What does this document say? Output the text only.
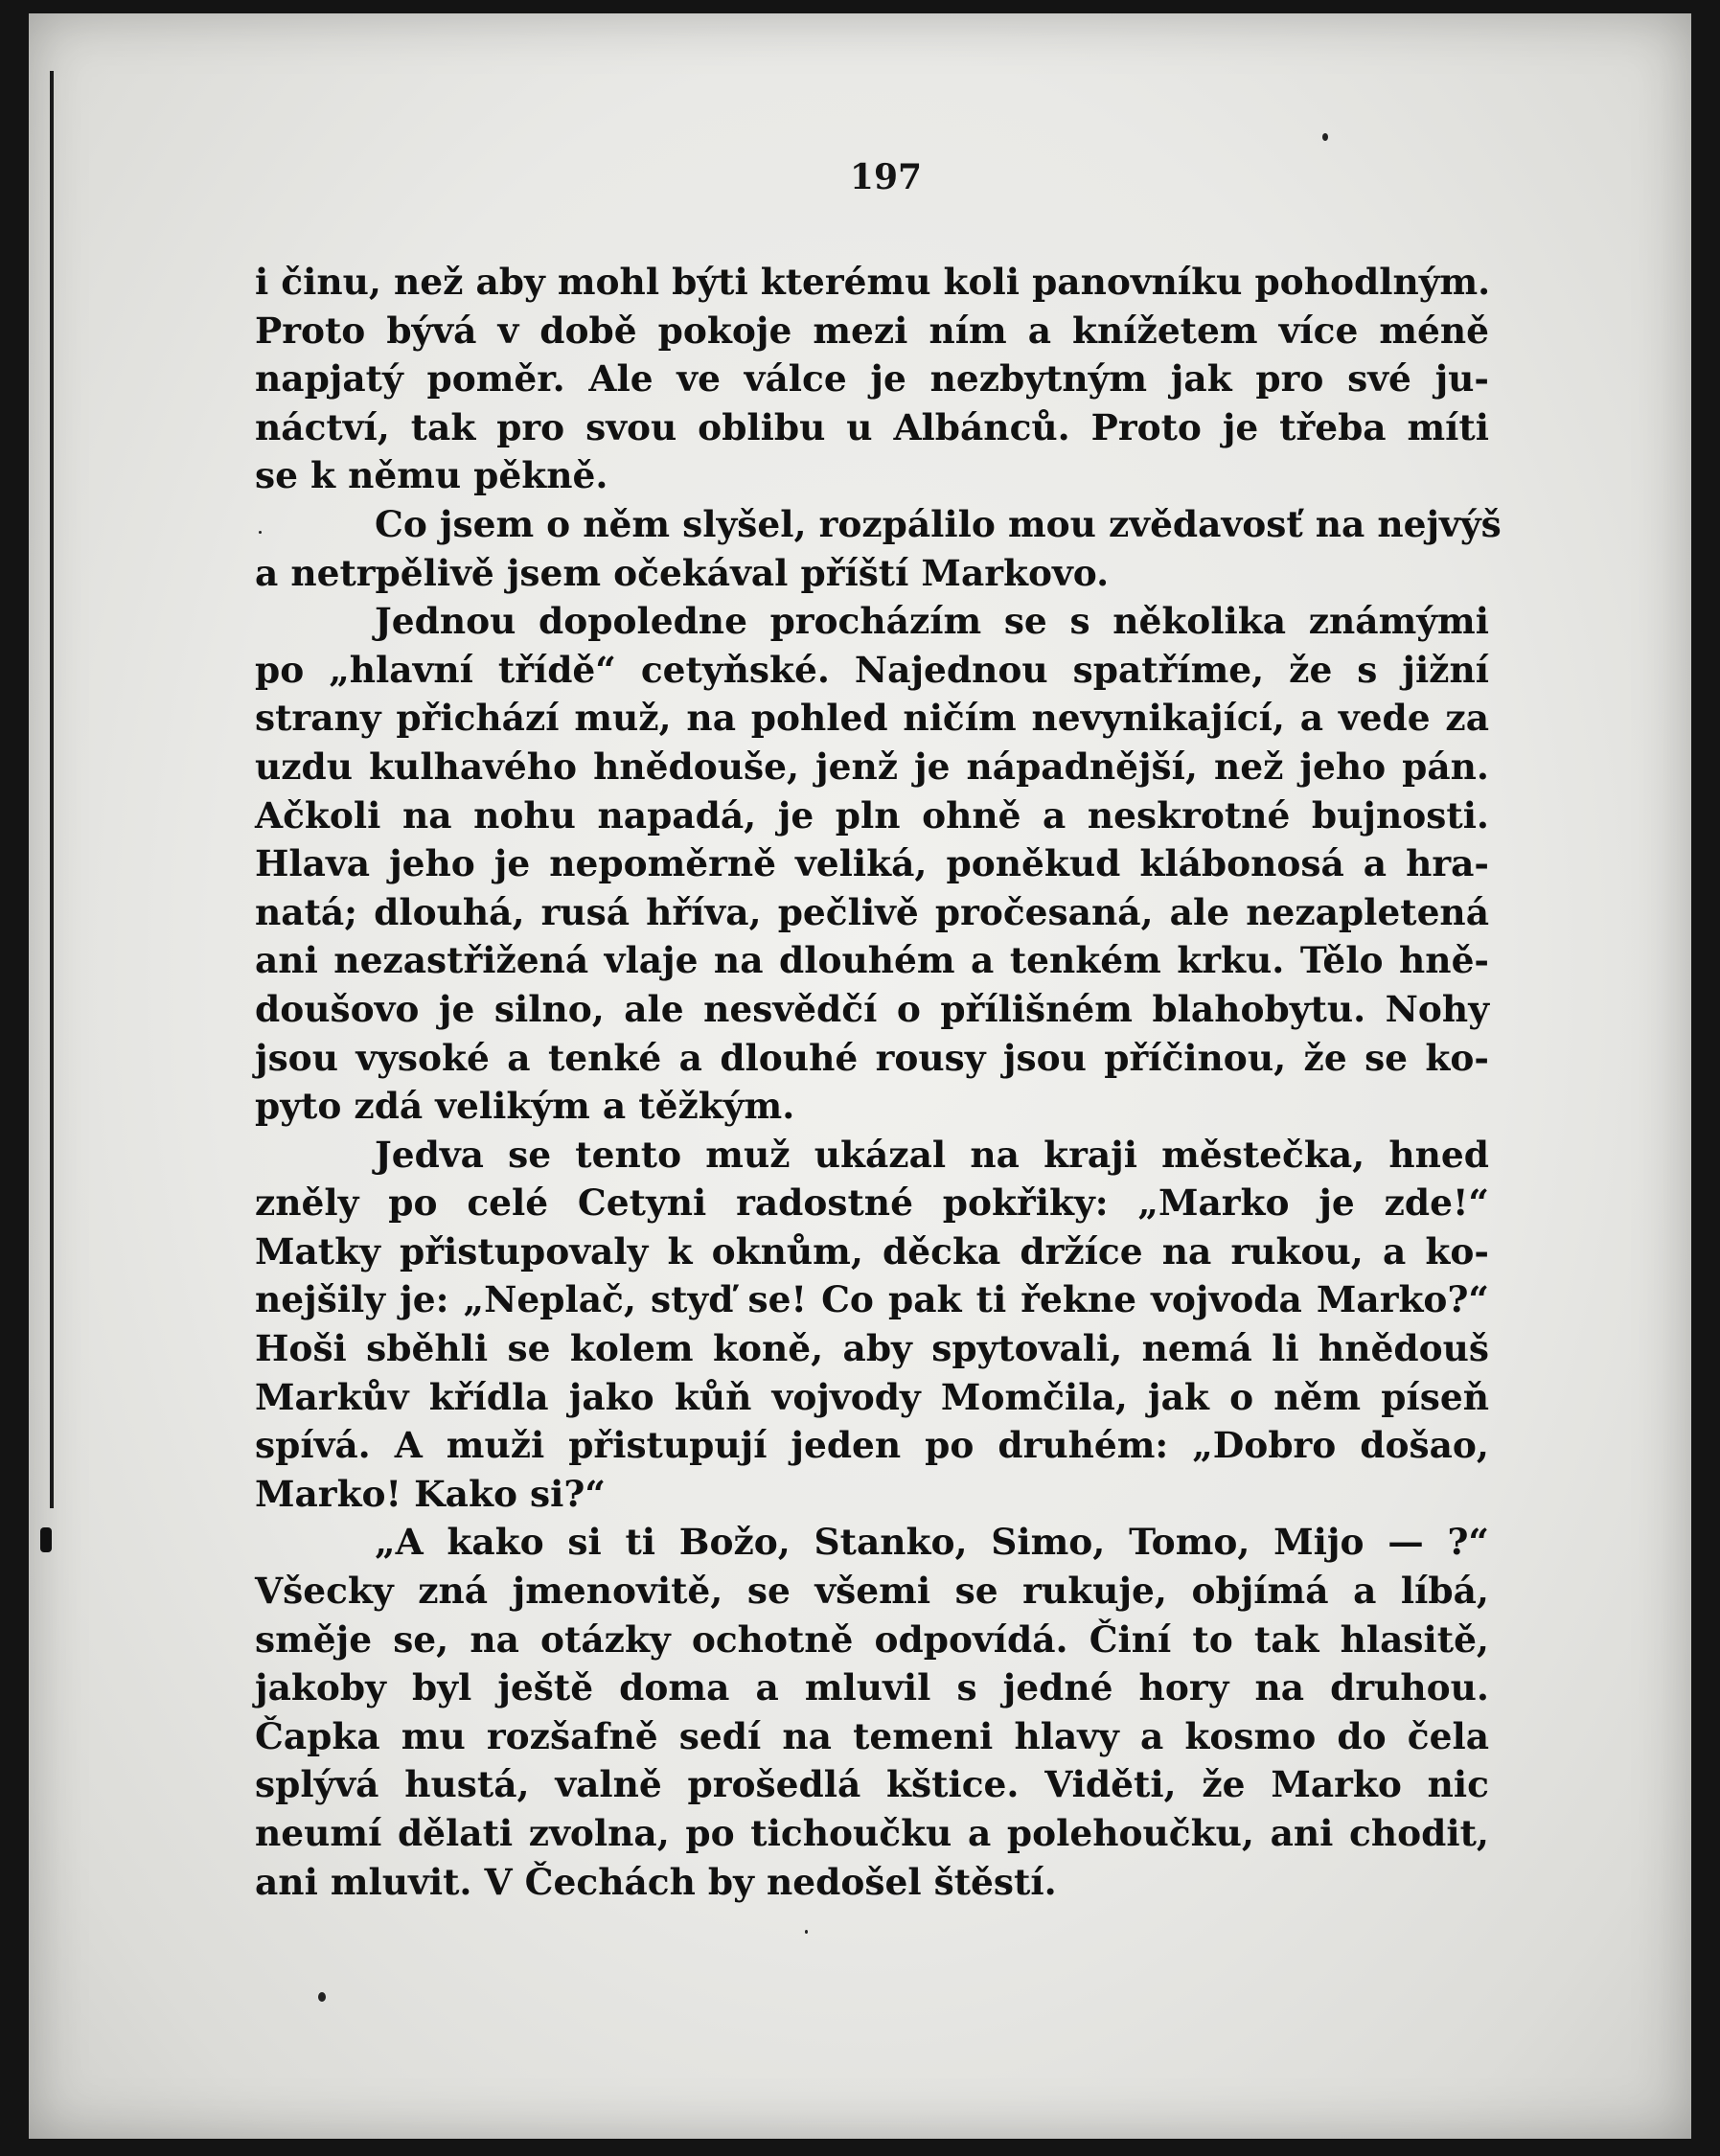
197
i činu, než aby mohl býti kterému koli panovníku pohodlným.
Proto bývá v době pokoje mezi ním a knížetem více méně
napjatý poměr. Ale ve válce je nezbytným jak pro své ju-
náctví, tak pro svou oblibu u Albánců. Proto je třeba míti
se k němu pěkně.
Co jsem o něm slyšel, rozpálilo mou zvědavosť na nejvýš
a netrpělivě jsem očekával příští Markovo.
Jednou dopoledne procházím se s několika známými
po „hlavní třídě“ cetyňské. Najednou spatříme, že s jižní
strany přichází muž, na pohled ničím nevynikající, a vede za
uzdu kulhavého hnědouše, jenž je nápadnější, než jeho pán.
Ačkoli na nohu napadá, je pln ohně a neskrotné bujnosti.
Hlava jeho je nepoměrně veliká, poněkud klábonosá a hra-
natá; dlouhá, rusá hříva, pečlivě pročesaná, ale nezapletená
ani nezastřižená vlaje na dlouhém a tenkém krku. Tělo hně-
doušovo je silno, ale nesvědčí o přílišném blahobytu. Nohy
jsou vysoké a tenké a dlouhé rousy jsou příčinou, že se ko-
pyto zdá velikým a těžkým.
Jedva se tento muž ukázal na kraji městečka, hned
zněly po celé Cetyni radostné pokřiky: „Marko je zde!“
Matky přistupovaly k oknům, děcka držíce na rukou, a ko-
nejšily je: „Neplač, styď se! Co pak ti řekne vojvoda Marko?“
Hoši sběhli se kolem koně, aby spytovali, nemá li hnědouš
Markův křídla jako kůň vojvody Momčila, jak o něm píseň
spívá. A muži přistupují jeden po druhém: „Dobro došao,
Marko! Kako si?“
„A kako si ti Božo, Stanko, Simo, Tomo, Mijo — ?“
Všecky zná jmenovitě, se všemi se rukuje, objímá a líbá,
směje se, na otázky ochotně odpovídá. Činí to tak hlasitě,
jakoby byl ještě doma a mluvil s jedné hory na druhou.
Čapka mu rozšafně sedí na temeni hlavy a kosmo do čela
splývá hustá, valně prošedlá kštice. Viděti, že Marko nic
neumí dělati zvolna, po tichoučku a polehoučku, ani chodit,
ani mluvit. V Čechách by nedošel štěstí.
